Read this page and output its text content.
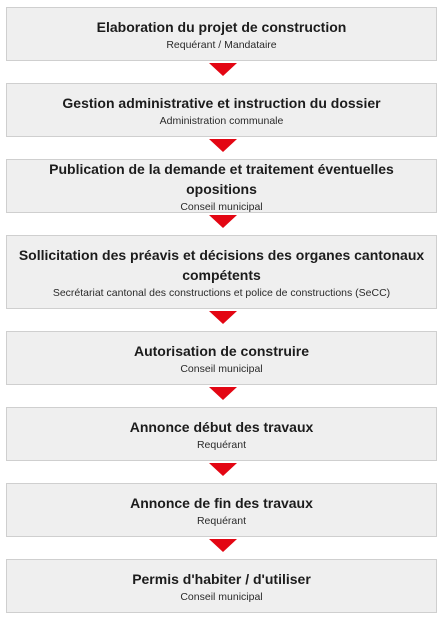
Elaboration du projet de construction
Requérant / Mandataire
Gestion administrative et instruction du dossier
Administration communale
Publication de la demande et traitement éventuelles opositions
Conseil municipal
Sollicitation des préavis et décisions des organes cantonaux compétents
Secrétariat cantonal des constructions et police de constructions (SeCC)
Autorisation de construire
Conseil municipal
Annonce début des travaux
Requérant
Annonce de fin des travaux
Requérant
Permis d'habiter / d'utiliser
Conseil municipal
